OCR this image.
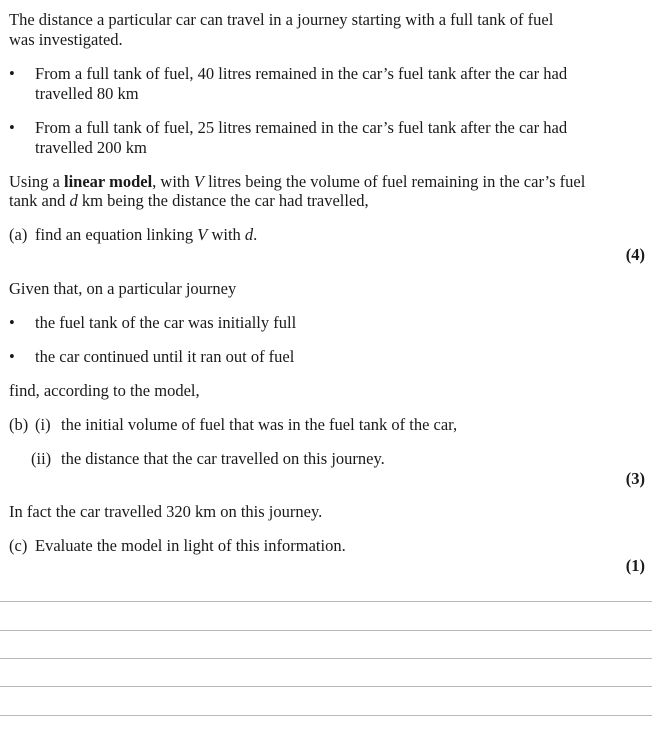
The distance a particular car can travel in a journey starting with a full tank of fuel
was investigated.
• From a full tank of fuel, 40 litres remained in the car’s fuel tank after the car had
travelled 80 km
• From a full tank of fuel, 25 litres remained in the car’s fuel tank after the car had
travelled 200 km
Using a linear model, with V litres being the volume of fuel remaining in the car’s fuel
tank and d km being the distance the car had travelled,
(a) find an equation linking V with d.
(4)
Given that, on a particular journey
• the fuel tank of the car was initially full
• the car continued until it ran out of fuel
find, according to the model,
(b) (i) the initial volume of fuel that was in the fuel tank of the car,
(ii) the distance that the car travelled on this journey.
(3)
In fact the car travelled 320 km on this journey.
(c) Evaluate the model in light of this information.
(1)
